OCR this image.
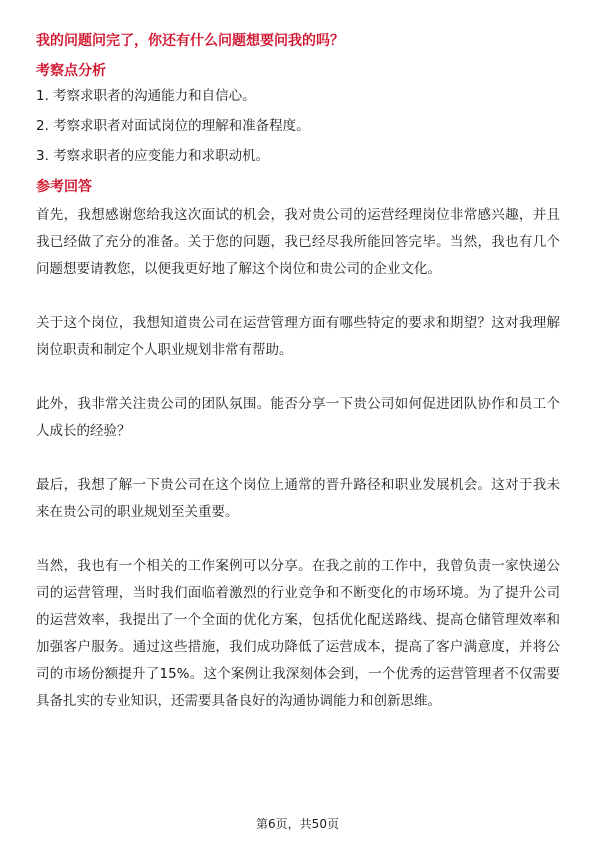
我的问题问完了，你还有什么问题想要问我的吗？
考察点分析
1. 考察求职者的沟通能力和自信心。
2. 考察求职者对面试岗位的理解和准备程度。
3. 考察求职者的应变能力和求职动机。
参考回答

首先，我想感谢您给我这次面试的机会，我对贵公司的运营经理岗位非常感兴趣，并且我已经做了充分的准备。关于您的问题，我已经尽我所能回答完毕。当然，我也有几个问题想要请教您，以便我更好地了解这个岗位和贵公司的企业文化。

关于这个岗位，我想知道贵公司在运营管理方面有哪些特定的要求和期望？这对我理解岗位职责和制定个人职业规划非常有帮助。

此外，我非常关注贵公司的团队氛围。能否分享一下贵公司如何促进团队协作和员工个人成长的经验？

最后，我想了解一下贵公司在这个岗位上通常的晋升路径和职业发展机会。这对于我未来在贵公司的职业规划至关重要。

当然，我也有一个相关的工作案例可以分享。在我之前的工作中，我曾负责一家快递公司的运营管理，当时我们面临着激烈的行业竞争和不断变化的市场环境。为了提升公司的运营效率，我提出了一个全面的优化方案，包括优化配送路线、提高仓储管理效率和加强客户服务。通过这些措施，我们成功降低了运营成本，提高了客户满意度，并将公司的市场份额提升了15%。这个案例让我深刻体会到，一个优秀的运营管理者不仅需要具备扎实的专业知识，还需要具备良好的沟通协调能力和创新思维。

第6页，共50页
